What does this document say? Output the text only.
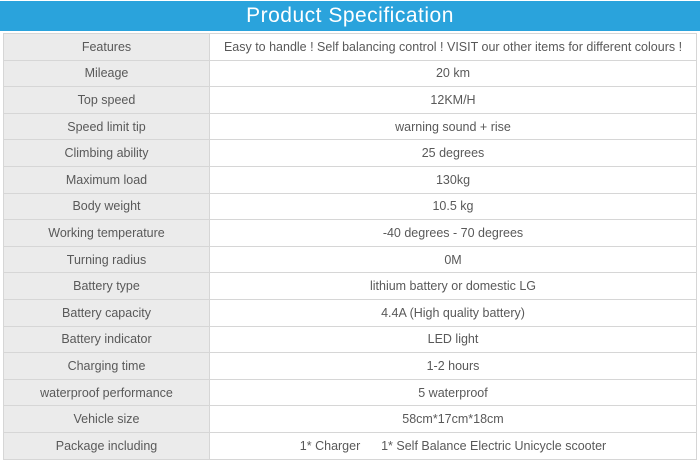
Product Specification
Features	Easy to handle ! Self balancing control ! VISIT our other items for different colours !
Mileage	20 km
Top speed	12KM/H
Speed limit tip	warning sound + rise
Climbing ability	25 degrees
Maximum load	130kg
Body weight	10.5 kg
Working temperature	-40 degrees - 70 degrees
Turning radius	0M
Battery type	lithium battery or domestic LG
Battery capacity	4.4A (High quality battery)
Battery indicator	LED light
Charging time	1-2 hours
waterproof performance	5 waterproof
Vehicle size	58cm*17cm*18cm
Package including	1* Charger      1* Self Balance Electric Unicycle scooter
